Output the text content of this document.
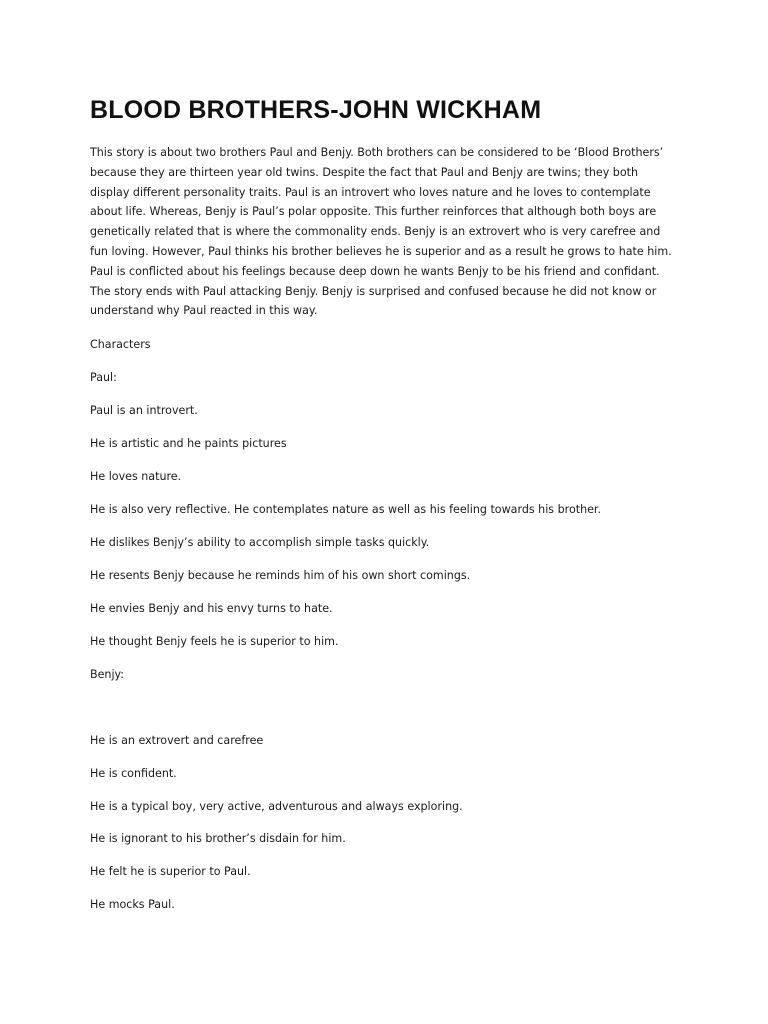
BLOOD BROTHERS-JOHN WICKHAM

This story is about two brothers Paul and Benjy. Both brothers can be considered to be ‘Blood Brothers’
because they are thirteen year old twins. Despite the fact that Paul and Benjy are twins; they both
display different personality traits. Paul is an introvert who loves nature and he loves to contemplate
about life. Whereas, Benjy is Paul’s polar opposite. This further reinforces that although both boys are
genetically related that is where the commonality ends. Benjy is an extrovert who is very carefree and
fun loving. However, Paul thinks his brother believes he is superior and as a result he grows to hate him.
Paul is conflicted about his feelings because deep down he wants Benjy to be his friend and confidant.
The story ends with Paul attacking Benjy. Benjy is surprised and confused because he did not know or
understand why Paul reacted in this way.

Characters

Paul:

Paul is an introvert.

He is artistic and he paints pictures

He loves nature.

He is also very reflective. He contemplates nature as well as his feeling towards his brother.

He dislikes Benjy’s ability to accomplish simple tasks quickly.

He resents Benjy because he reminds him of his own short comings.

He envies Benjy and his envy turns to hate.

He thought Benjy feels he is superior to him.

Benjy:

He is an extrovert and carefree

He is confident.

He is a typical boy, very active, adventurous and always exploring.

He is ignorant to his brother’s disdain for him.

He felt he is superior to Paul.

He mocks Paul.
